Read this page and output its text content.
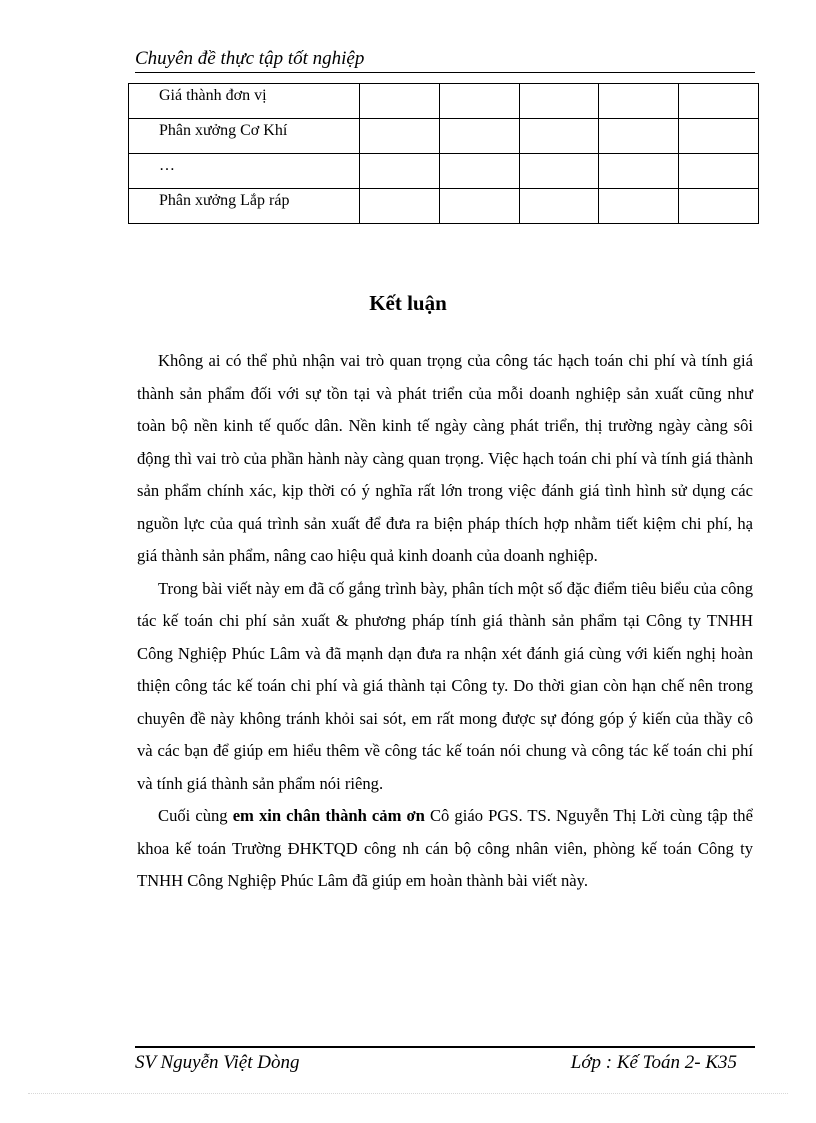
Chuyên đề thực tập tốt nghiệp
Giá thành đơn vị					
Phân xưởng Cơ Khí					
…					
Phân xưởng Lắp ráp					
Kết luận

Không ai có thể phủ nhận vai trò quan trọng của công tác hạch toán chi phí và tính giá thành sản phẩm đối với sự tồn tại và phát triển của mỗi doanh nghiệp sản xuất cũng như toàn bộ nền kinh tế quốc dân. Nền kinh tế ngày càng phát triển, thị trường ngày càng sôi động thì vai trò của phần hành này càng quan trọng. Việc hạch toán chi phí và tính giá thành sản phẩm chính xác, kịp thời có ý nghĩa rất lớn trong việc đánh giá tình hình sử dụng các nguồn lực của quá trình sản xuất để đưa ra biện pháp thích hợp nhằm tiết kiệm chi phí, hạ giá thành sản phẩm, nâng cao hiệu quả kinh doanh của doanh nghiệp.

Trong bài viết này em đã cố gắng trình bày, phân tích một số đặc điểm tiêu biểu của công tác kế toán chi phí sản xuất & phương pháp tính giá thành sản phẩm tại Công ty TNHH Công Nghiệp Phúc Lâm và đã mạnh dạn đưa ra nhận xét đánh giá cùng với kiến nghị hoàn thiện công tác kế toán chi phí và giá thành tại Công ty. Do thời gian còn hạn chế nên trong chuyên đề này không tránh khỏi sai sót, em rất mong được sự đóng góp ý kiến của thầy cô và các bạn để giúp em hiểu thêm về công tác kế toán nói chung và công tác kế toán chi phí và tính giá thành sản phẩm nói riêng.

Cuối cùng em xin chân thành cảm ơn Cô giáo PGS. TS. Nguyễn Thị Lời cùng tập thể khoa kế toán Trường ĐHKTQD công nh cán bộ công nhân viên, phòng kế toán Công ty TNHH Công Nghiệp Phúc Lâm đã giúp em hoàn thành bài viết này.

SV Nguyễn Việt Dòng	Lớp : Kế Toán 2- K35
